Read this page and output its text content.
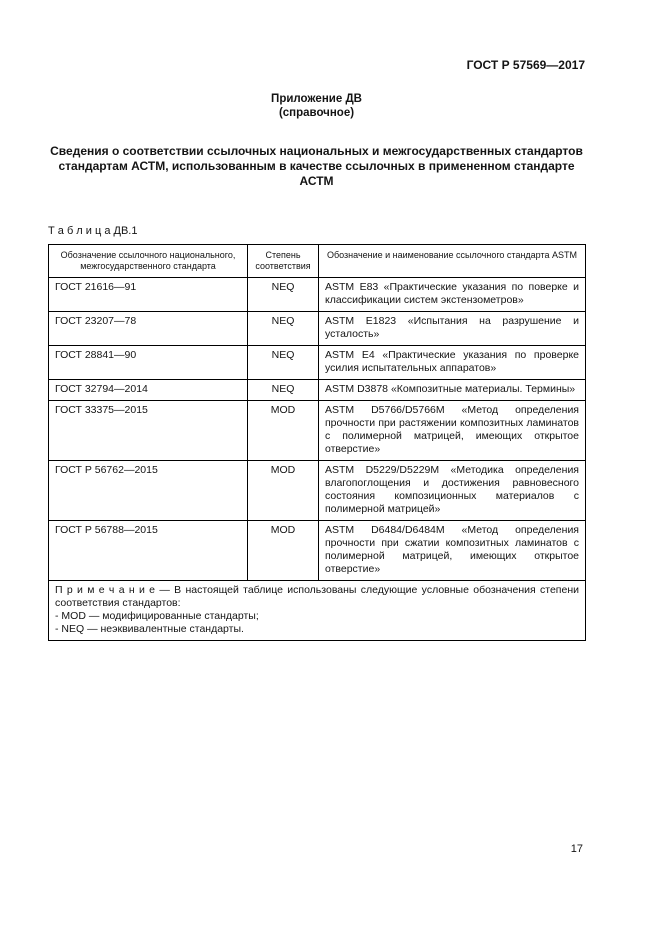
ГОСТ Р 57569—2017
Приложение ДВ
(справочное)
Сведения о соответствии ссылочных национальных и межгосударственных стандартов стандартам АСТМ, использованным в качестве ссылочных в примененном стандарте АСТМ
Т а б л и ц а ДВ.1
Обозначение ссылочного национального, межгосударственного стандарта	Степень соответствия	Обозначение и наименование ссылочного стандарта ASTM
ГОСТ 21616—91	NEQ	ASTM E83 «Практические указания по поверке и классификации систем экстензометров»
ГОСТ 23207—78	NEQ	ASTM E1823 «Испытания на разрушение и усталость»
ГОСТ 28841—90	NEQ	ASTM E4 «Практические указания по проверке усилия испытательных аппаратов»
ГОСТ 32794—2014	NEQ	ASTM D3878 «Композитные материалы. Термины»
ГОСТ 33375—2015	MOD	ASTM D5766/D5766M «Метод определения прочности при растяжении композитных ламинатов с полимерной матрицей, имеющих открытое отверстие»
ГОСТ Р 56762—2015	MOD	ASTM D5229/D5229M «Методика определения влагопоглощения и достижения равновесного состояния композиционных материалов с полимерной матрицей»
ГОСТ Р 56788—2015	MOD	ASTM D6484/D6484M «Метод определения прочности при сжатии композитных ламинатов с полимерной матрицей, имеющих открытое отверстие»

П р и м е ч а н и е — В настоящей таблице использованы следующие условные обозначения степени соответствия стандартов:
- MOD — модифицированные стандарты;
- NEQ — неэквивалентные стандарты.		
17
